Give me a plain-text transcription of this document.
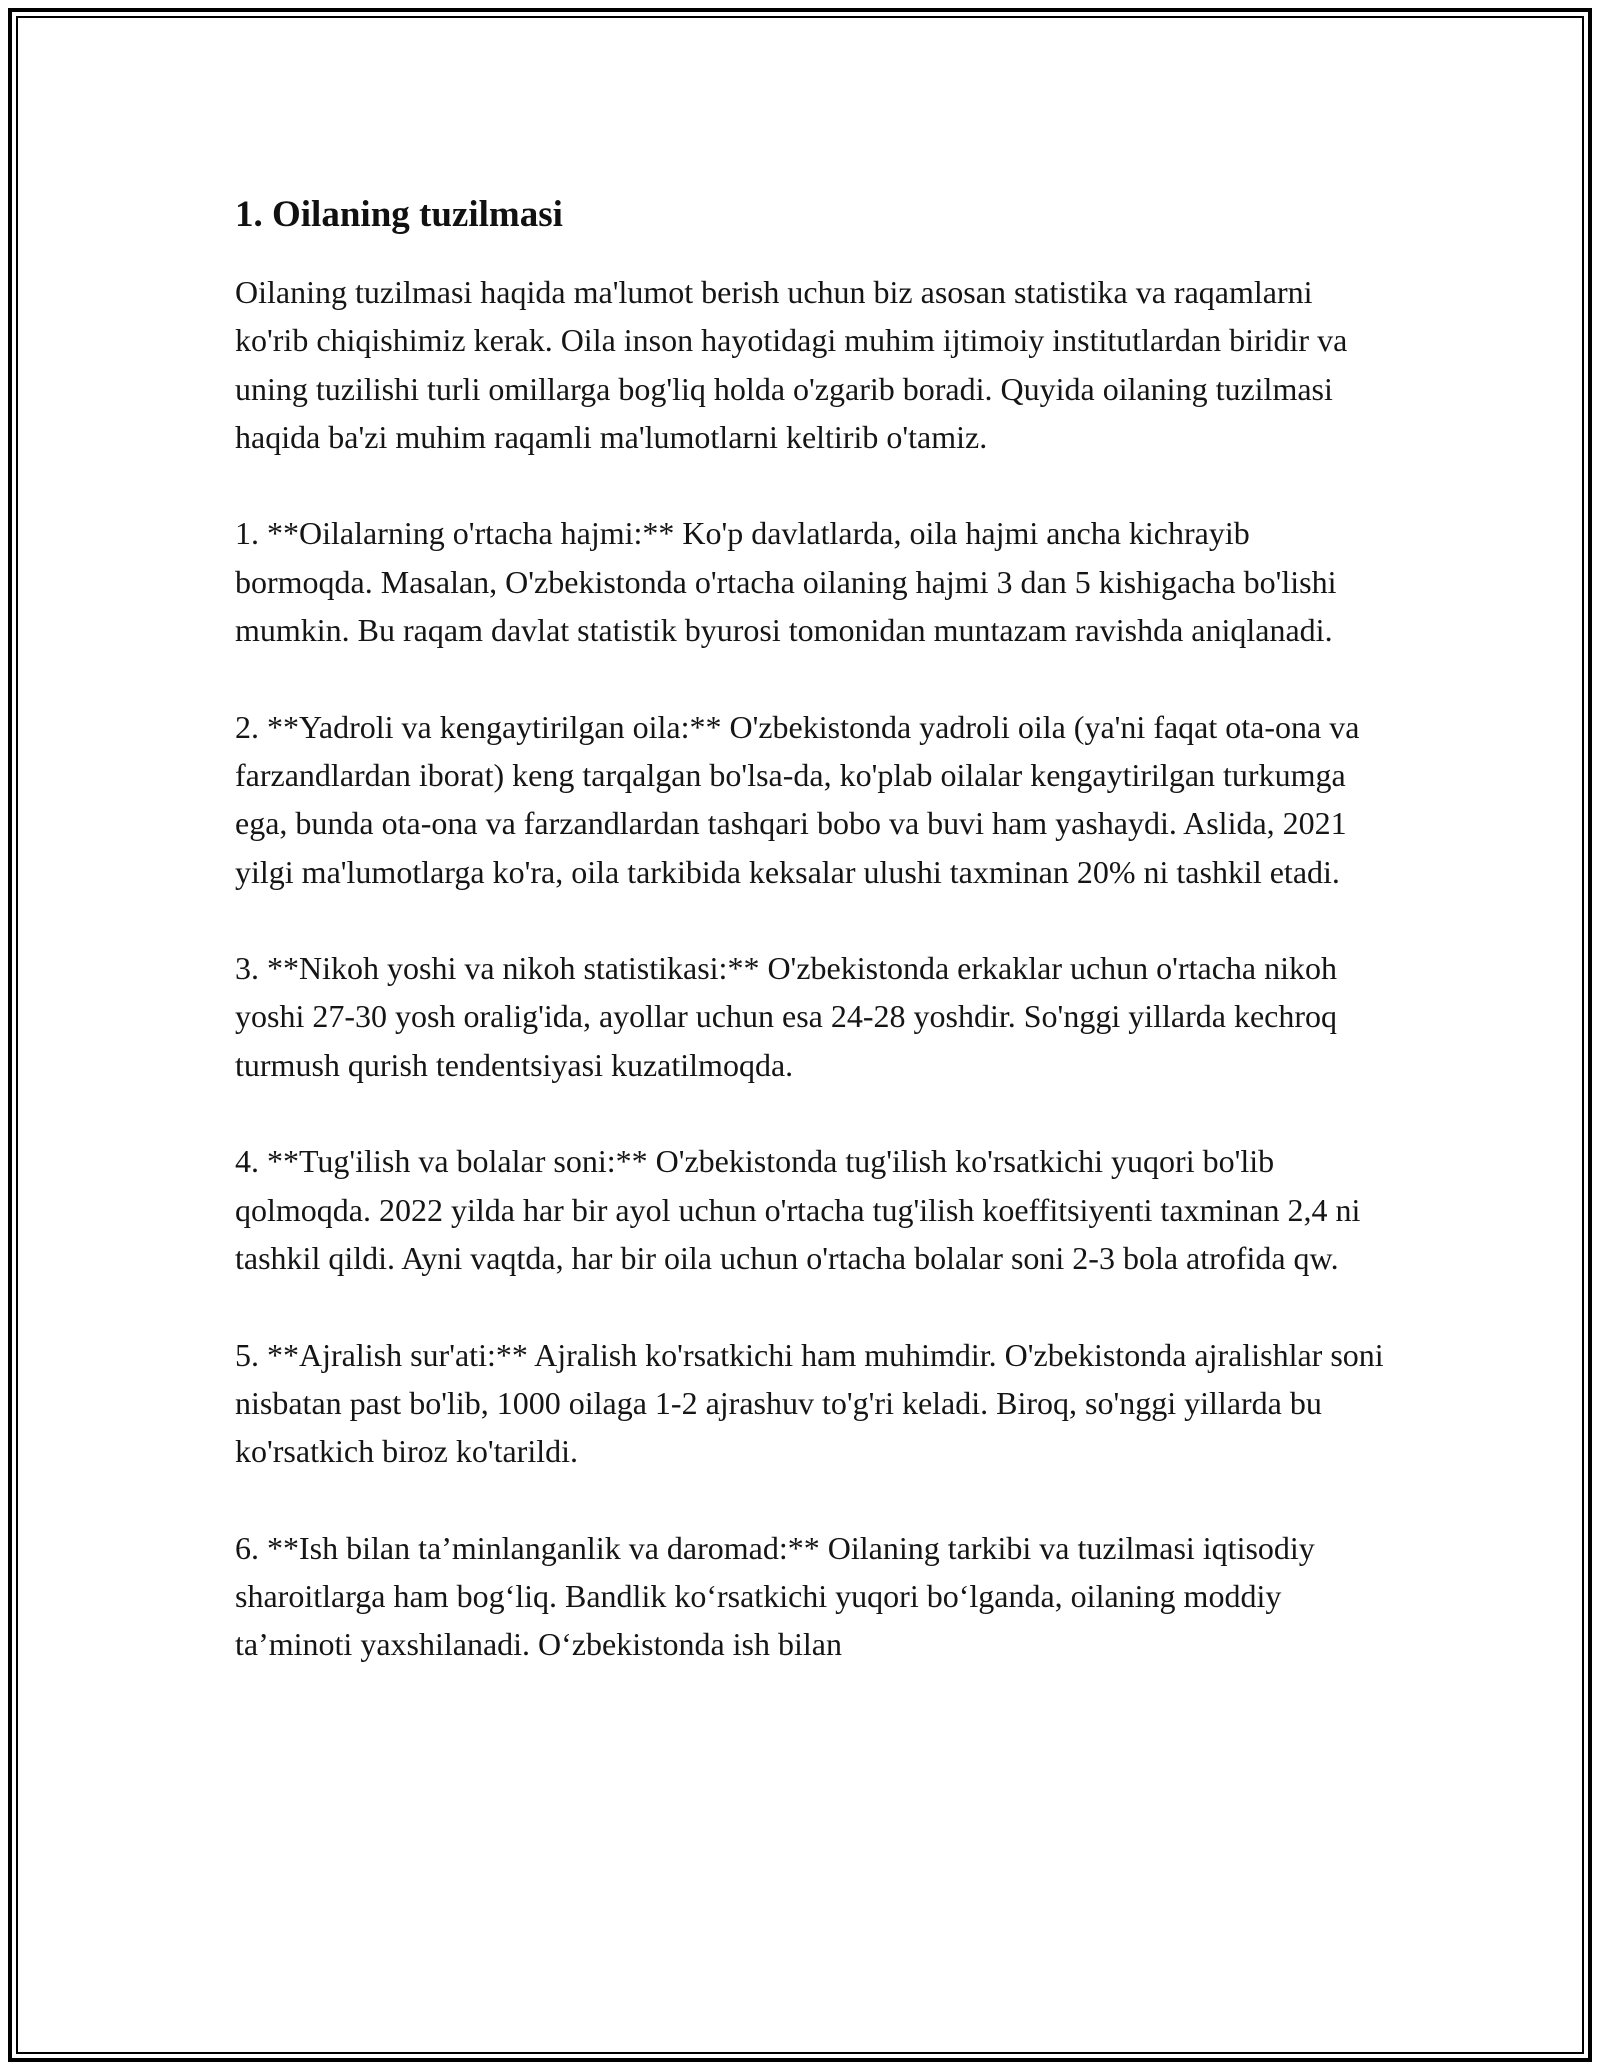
1. Oilaning tuzilmasi

Oilaning tuzilmasi haqida ma'lumot berish uchun biz asosan statistika va raqamlarni ko'rib chiqishimiz kerak. Oila inson hayotidagi muhim ijtimoiy institutlardan biridir va uning tuzilishi turli omillarga bog'liq holda o'zgarib boradi. Quyida oilaning tuzilmasi haqida ba'zi muhim raqamli ma'lumotlarni keltirib o'tamiz.

1. **Oilalarning o'rtacha hajmi:** Ko'p davlatlarda, oila hajmi ancha kichrayib bormoqda. Masalan, O'zbekistonda o'rtacha oilaning hajmi 3 dan 5 kishigacha bo'lishi mumkin. Bu raqam davlat statistik byurosi tomonidan muntazam ravishda aniqlanadi.

2. **Yadroli va kengaytirilgan oila:** O'zbekistonda yadroli oila (ya'ni faqat ota-ona va farzandlardan iborat) keng tarqalgan bo'lsa-da, ko'plab oilalar kengaytirilgan turkumga ega, bunda ota-ona va farzandlardan tashqari bobo va buvi ham yashaydi. Aslida, 2021 yilgi ma'lumotlarga ko'ra, oila tarkibida keksalar ulushi taxminan 20% ni tashkil etadi.

3. **Nikoh yoshi va nikoh statistikasi:** O'zbekistonda erkaklar uchun o'rtacha nikoh yoshi 27-30 yosh oralig'ida, ayollar uchun esa 24-28 yoshdir. So'nggi yillarda kechroq turmush qurish tendentsiyasi kuzatilmoqda.

4. **Tug'ilish va bolalar soni:** O'zbekistonda tug'ilish ko'rsatkichi yuqori bo'lib qolmoqda. 2022 yilda har bir ayol uchun o'rtacha tug'ilish koeffitsiyenti taxminan 2,4 ni tashkil qildi. Ayni vaqtda, har bir oila uchun o'rtacha bolalar soni 2-3 bola atrofida qw.

5. **Ajralish sur'ati:** Ajralish ko'rsatkichi ham muhimdir. O'zbekistonda ajralishlar soni nisbatan past bo'lib, 1000 oilaga 1-2 ajrashuv to'g'ri keladi. Biroq, so'nggi yillarda bu ko'rsatkich biroz ko'tarildi.

6. **Ish bilan ta’minlanganlik va daromad:** Oilaning tarkibi va tuzilmasi iqtisodiy sharoitlarga ham bog‘liq. Bandlik ko‘rsatkichi yuqori bo‘lganda, oilaning moddiy ta’minoti yaxshilanadi. O‘zbekistonda ish bilan
